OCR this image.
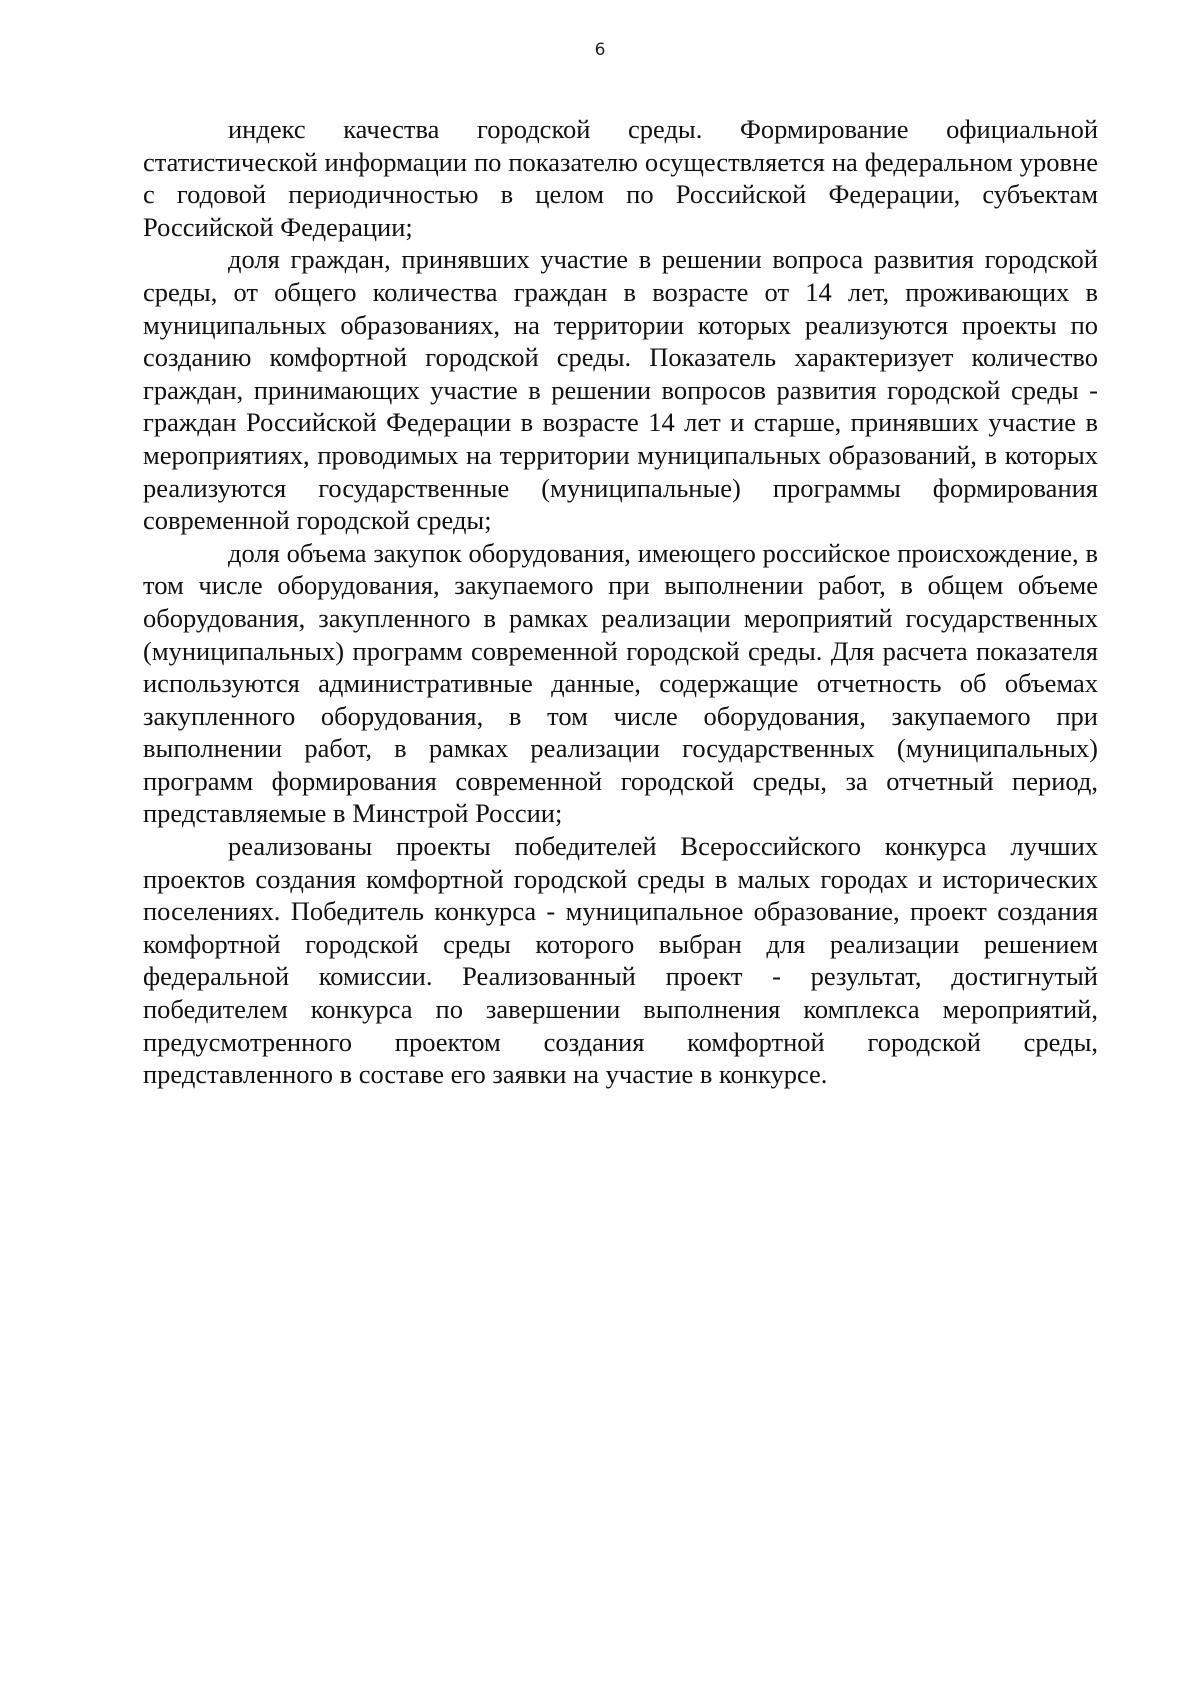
6

индекс качества городской среды. Формирование официальной статистической информации по показателю осуществляется на федеральном уровне с годовой периодичностью в целом по Российской Федерации, субъектам Российской Федерации;

доля граждан, принявших участие в решении вопроса развития городской среды, от общего количества граждан в возрасте от 14 лет, проживающих в муниципальных образованиях, на территории которых реализуются проекты по созданию комфортной городской среды. Показатель характеризует количество граждан, принимающих участие в решении вопросов развития городской среды - граждан Российской Федерации в возрасте 14 лет и старше, принявших участие в мероприятиях, проводимых на территории муниципальных образований, в которых реализуются государственные (муниципальные) программы формирования современной городской среды;

доля объема закупок оборудования, имеющего российское происхождение, в том числе оборудования, закупаемого при выполнении работ, в общем объеме оборудования, закупленного в рамках реализации мероприятий государственных (муниципальных) программ современной городской среды. Для расчета показателя используются административные данные, содержащие отчетность об объемах закупленного оборудования, в том числе оборудования, закупаемого при выполнении работ, в рамках реализации государственных (муниципальных) программ формирования современной городской среды, за отчетный период, представляемые в Минстрой России;

реализованы проекты победителей Всероссийского конкурса лучших проектов создания комфортной городской среды в малых городах и исторических поселениях. Победитель конкурса - муниципальное образование, проект создания комфортной городской среды которого выбран для реализации решением федеральной комиссии. Реализованный проект - результат, достигнутый победителем конкурса по завершении выполнения комплекса мероприятий, предусмотренного проектом создания комфортной городской среды, представленного в составе его заявки на участие в конкурсе.
